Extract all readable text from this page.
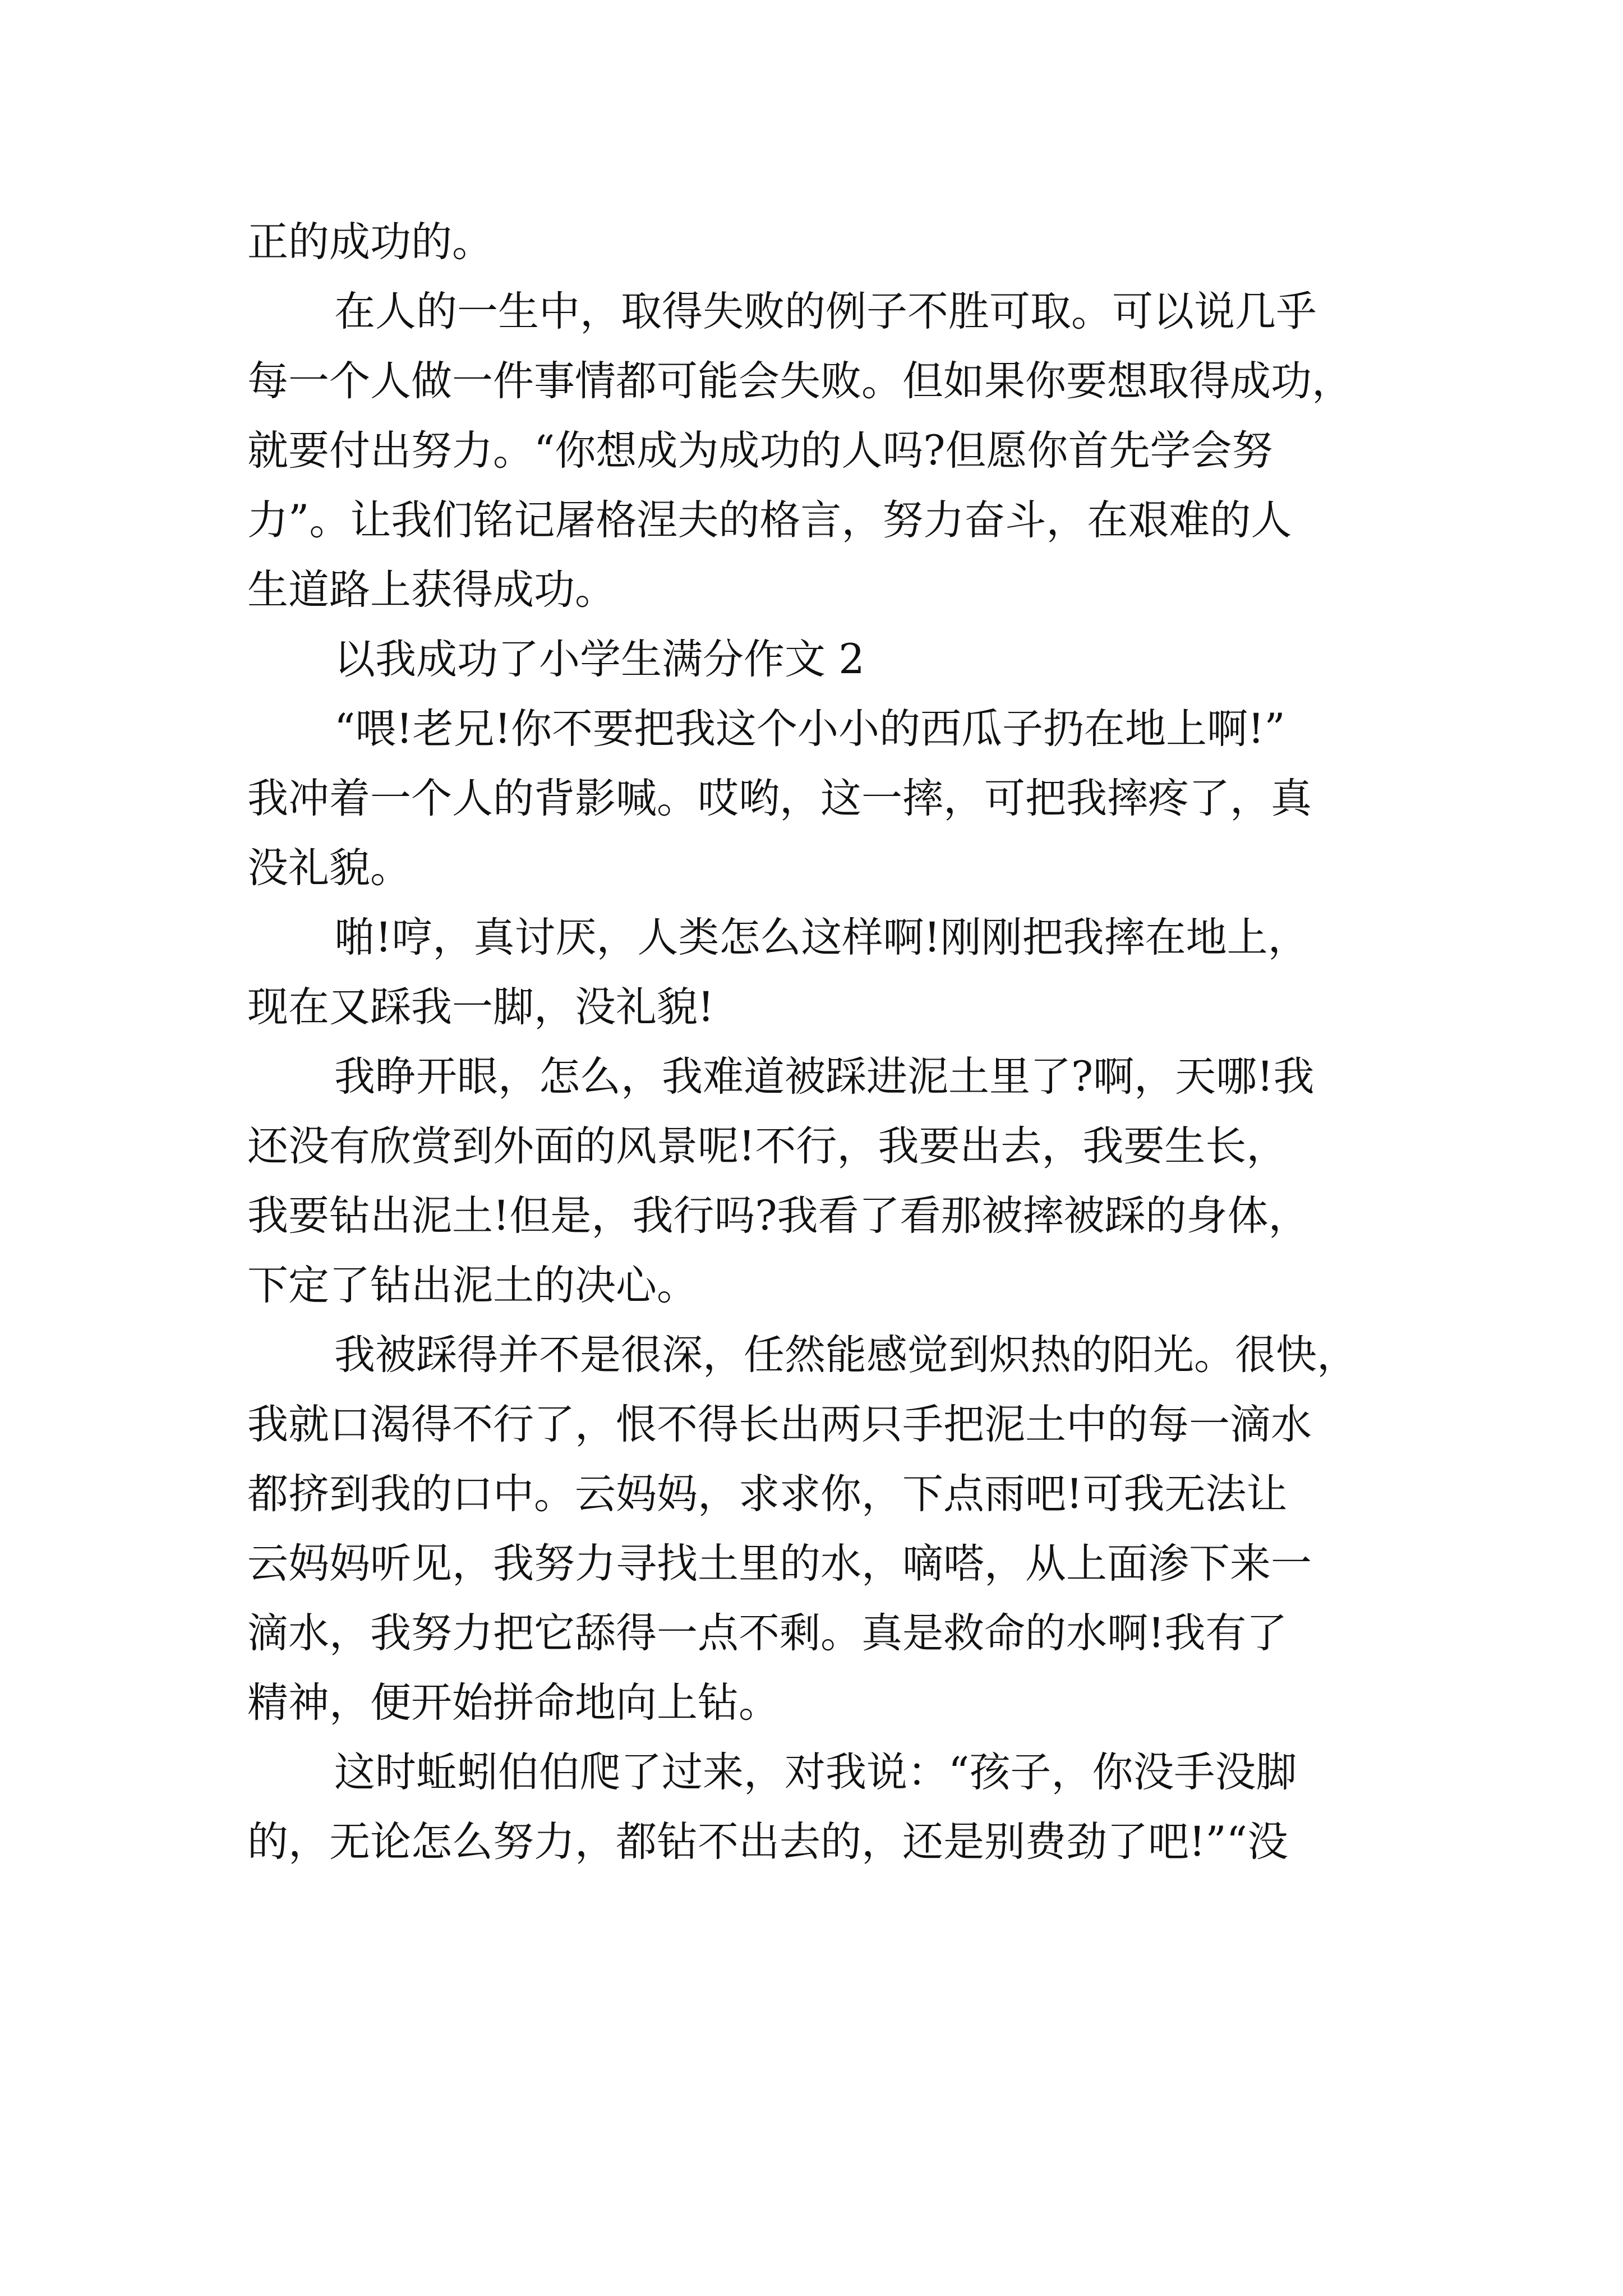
正的成功的。
在人的一生中，取得失败的例子不胜可取。可以说几乎
每一个人做一件事情都可能会失败。但如果你要想取得成功，
就要付出努力。“你想成为成功的人吗?但愿你首先学会努
力”。让我们铭记屠格涅夫的格言，努力奋斗，在艰难的人
生道路上获得成功。
以我成功了小学生满分作文 2
“喂!老兄!你不要把我这个小小的西瓜子扔在地上啊!”
我冲着一个人的背影喊。哎哟，这一摔，可把我摔疼了，真
没礼貌。
啪!哼，真讨厌，人类怎么这样啊!刚刚把我摔在地上，
现在又踩我一脚，没礼貌!
我睁开眼，怎么，我难道被踩进泥土里了?啊，天哪!我
还没有欣赏到外面的风景呢!不行，我要出去，我要生长，
我要钻出泥土!但是，我行吗?我看了看那被摔被踩的身体，
下定了钻出泥土的决心。
我被踩得并不是很深，任然能感觉到炽热的阳光。很快，
我就口渴得不行了，恨不得长出两只手把泥土中的每一滴水
都挤到我的口中。云妈妈，求求你，下点雨吧!可我无法让
云妈妈听见，我努力寻找土里的水，嘀嗒，从上面渗下来一
滴水，我努力把它舔得一点不剩。真是救命的水啊!我有了
精神，便开始拼命地向上钻。
这时蚯蚓伯伯爬了过来，对我说：“孩子，你没手没脚
的，无论怎么努力，都钻不出去的，还是别费劲了吧!”“没
